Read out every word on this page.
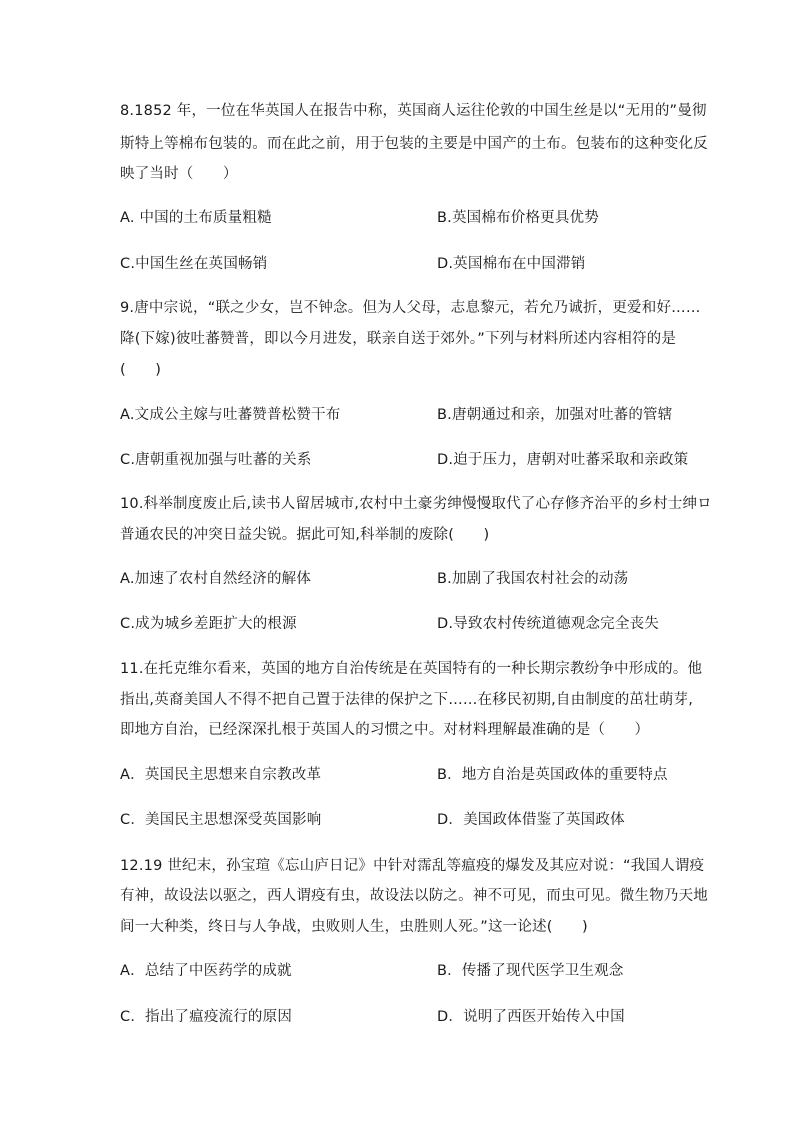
8.1852 年，一位在华英国人在报告中称，英国商人运往伦敦的中国生丝是以“无用的”曼彻
斯特上等棉布包装的。而在此之前，用于包装的主要是中国产的土布。包装布的这种变化反
映了当时（　　）
A. 中国的土布质量粗糙	B.英国棉布价格更具优势
C.中国生丝在英国畅销	D.英国棉布在中国滞销
9.唐中宗说，“联之少女，岂不钟念。但为人父母，志息黎元，若允乃诚折，更爱和好……
降(下嫁)彼吐蕃赞普，即以今月进发，联亲自送于郊外。”下列与材料所述内容相符的是
(　　)
A.文成公主嫁与吐蕃赞普松赞干布	B.唐朝通过和亲，加强对吐蕃的管辖
C.唐朝重视加强与吐蕃的关系	D.迫于压力，唐朝对吐蕃采取和亲政策
10.科举制度废止后,读书人留居城市,农村中土豪劣绅慢慢取代了心存修齐治平的乡村士绅ロ
普通农民的冲突日益尖锐。据此可知,科举制的废除(　　)
A.加速了农村自然经济的解体	B.加剧了我国农村社会的动荡
C.成为城乡差距扩大的根源	D.导致农村传统道德观念完全丧失
11.在托克维尔看来，英国的地方自治传统是在英国特有的一种长期宗教纷争中形成的。他
指出,英裔美国人不得不把自己置于法律的保护之下……在移民初期,自由制度的茁壮萌芽,
即地方自治，已经深深扎根于英国人的习惯之中。对材料理解最准确的是（　　）
A．英国民主思想来自宗教改革	B．地方自治是英国政体的重要特点
C．美国民主思想深受英国影响	D．美国政体借鉴了英国政体
12.19 世纪末，孙宝瑄《忘山庐日记》中针对霈乱等瘟疫的爆发及其应对说：“我国人谓疫
有神，故设法以驱之，西人谓疫有虫，故设法以防之。神不可见，而虫可见。微生物乃天地
间一大种类，终日与人争战，虫败则人生，虫胜则人死。”这一论述(　　)
A．总结了中医药学的成就	B．传播了现代医学卫生观念
C．指出了瘟疫流行的原因	D．说明了西医开始传入中国
